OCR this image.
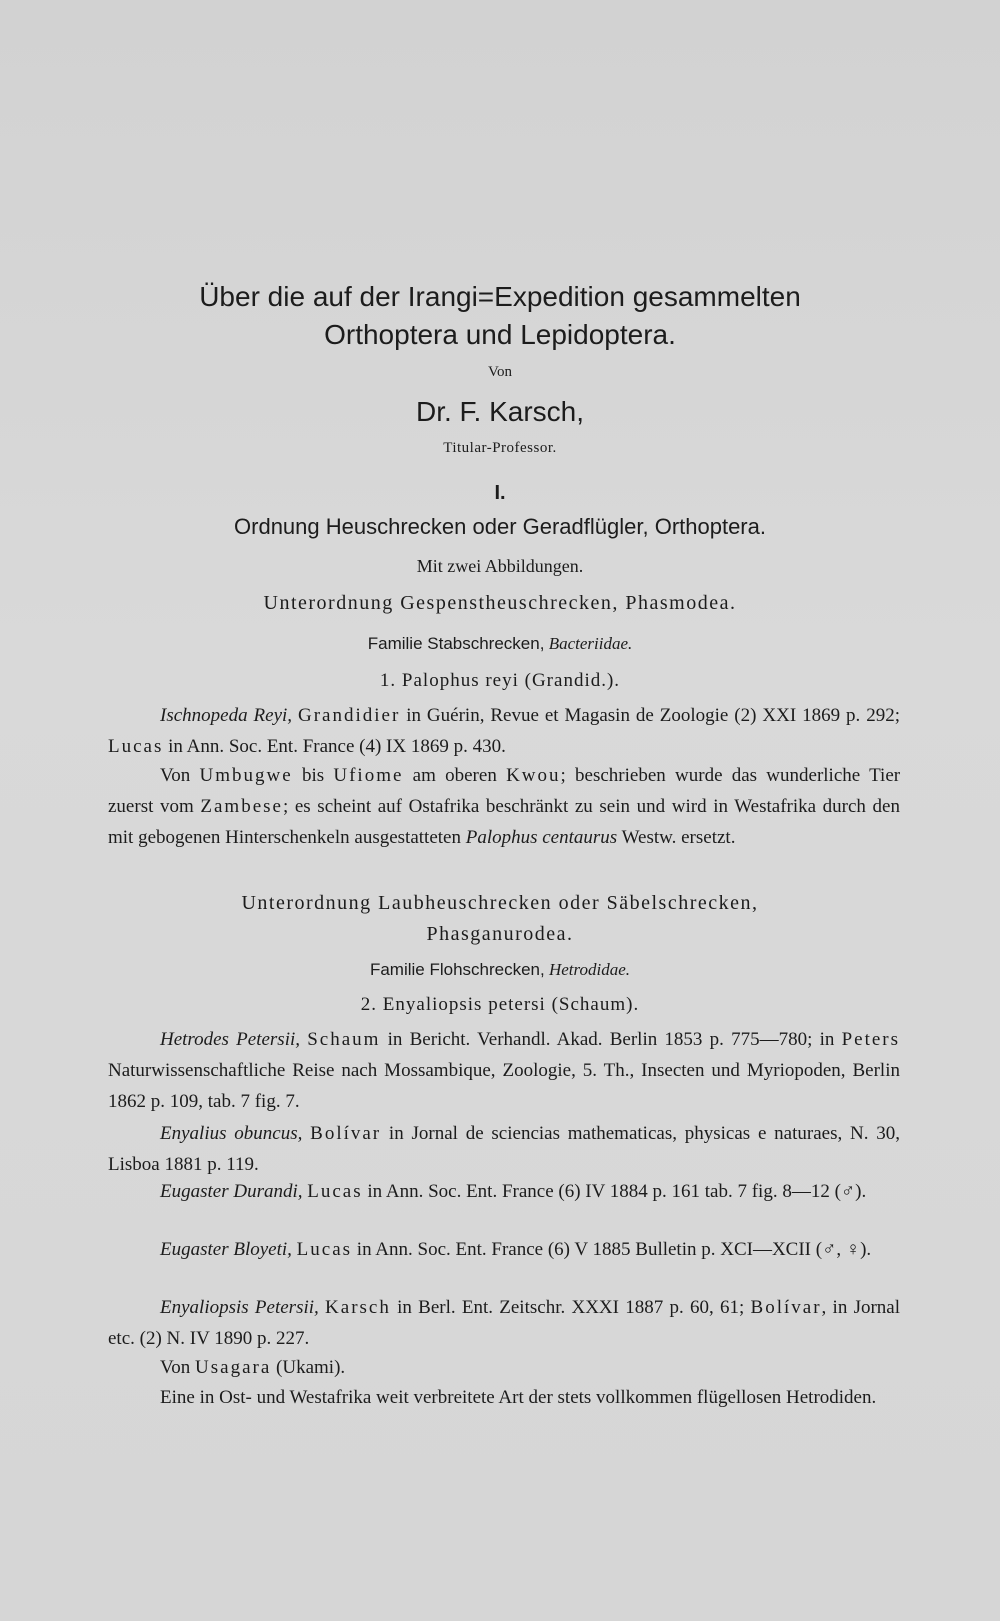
Über die auf der Irangi=Expedition gesammelten
Orthoptera und Lepidoptera.
Von
Dr. F. Karsch,
Titular-Professor.
I.
Ordnung Heuschrecken oder Geradflügler, Orthoptera.
Mit zwei Abbildungen.
Unterordnung Gespenstheuschrecken, Phasmodea.
Familie Stabschrecken, Bacteriidae.
1. Palophus reyi (Grandid.).
Ischnopeda Reyi, Grandidier in Guérin, Revue et Magasin de Zoologie (2) XXI 1869 p. 292; Lucas in Ann. Soc. Ent. France (4) IX 1869 p. 430.
Von Umbugwe bis Ufiome am oberen Kwou; beschrieben wurde das wunderliche Tier zuerst vom Zambese; es scheint auf Ostafrika beschränkt zu sein und wird in Westafrika durch den mit gebogenen Hinterschenkeln ausgestatteten Palophus centaurus Westw. ersetzt.
Unterordnung Laubheuschrecken oder Säbelschrecken,
Phasganurodea.
Familie Flohschrecken, Hetrodidae.
2. Enyaliopsis petersi (Schaum).
Hetrodes Petersii, Schaum in Bericht. Verhandl. Akad. Berlin 1853 p. 775—780; in Peters Naturwissenschaftliche Reise nach Mossambique, Zoologie, 5. Th., Insecten und Myriopoden, Berlin 1862 p. 109, tab. 7 fig. 7.
Enyalius obuncus, Bolívar in Jornal de sciencias mathematicas, physicas e naturaes, N. 30, Lisboa 1881 p. 119.
Eugaster Durandi, Lucas in Ann. Soc. Ent. France (6) IV 1884 p. 161 tab. 7 fig. 8—12 (♂).
Eugaster Bloyeti, Lucas in Ann. Soc. Ent. France (6) V 1885 Bulletin p. XCI—XCII (♂, ♀).
Enyaliopsis Petersii, Karsch in Berl. Ent. Zeitschr. XXXI 1887 p. 60, 61; Bolívar, in Jornal etc. (2) N. IV 1890 p. 227.
Von Usagara (Ukami).
Eine in Ost- und Westafrika weit verbreitete Art der stets vollkommen flügellosen Hetrodiden.
